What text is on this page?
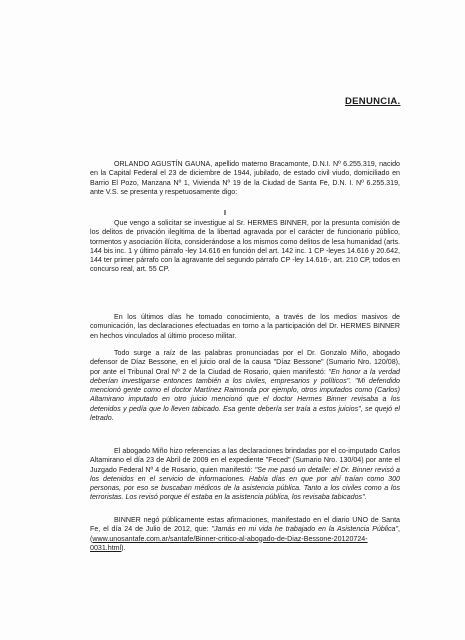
DENUNCIA.

ORLANDO AGUSTÍN GAUNA, apellido materno Bracamonte, D.N.I. Nº 6.255.319, nacido en la Capital Federal el 23 de diciembre de 1944, jubilado, de estado civil viudo, domiciliado en Barrio El Pozo, Manzana Nº 1, Vivienda Nº 19 de la Ciudad de Santa Fe, D.N. I. Nº 6.255.319, ante V.S. se presenta y respetuosamente digo:

I

Que vengo a solicitar se investigue al Sr. HERMES BINNER, por la presunta comisión de los delitos de privación ilegítima de la libertad agravada por el carácter de funcionario público, tormentos y asociación ilícita, considerándose a los mismos como delitos de lesa humanidad (arts. 144 bis inc. 1 y último párrafo -ley 14.616 en función del art. 142 inc. 1 CP -leyes 14.616 y 20.642, 144 ter primer párrafo con la agravante del segundo párrafo CP -ley 14.616-, art. 210 CP, todos en concurso real, art. 55 CP.

En los últimos días he tomado conocimiento, a través de los medios masivos de comunicación, las declaraciones efectuadas en torno a la participación del Dr. HERMES BINNER en hechos vinculados al último proceso militar.

Todo surge a raíz de las palabras pronunciadas por el Dr. Gonzalo Miño, abogado defensor de Díaz Bessone, en el juicio oral de la causa "Díaz Bessone" (Sumario Nro. 120/08), por ante el Tribunal Oral Nº 2 de la Ciudad de Rosario, quien manifestó: "En honor a la verdad deberían investigarse entonces también a los civiles, empresarios y políticos". "Mi defendido mencionó gente como el doctor Martínez Raimonda por ejemplo, otros imputados como (Carlos) Altamirano imputado en otro juicio mencionó que el doctor Hermes Binner revisaba a los detenidos y pedía que lo lleven tabicado. Esa gente debería ser traía a estos juicios", se quejó el letrado.

El abogado Miño hizo referencias a las declaraciones brindadas por el co-imputado Carlos Altamirano el día 23 de Abril de 2009 en el expediente "Feced" (Sumario Nro. 130/04) por ante el Juzgado Federal Nº 4 de Rosario, quien manifestó: "Se me pasó un detalle: el Dr. Binner revisó a los detenidos en el servicio de informaciones. Había días en que por ahí traían como 300 personas, por eso se buscaban médicos de la asistencia pública. Tanto a los civiles como a los terroristas. Los revisó porque él estaba en la asistencia pública, los revisaba tabicados".

BINNER negó públicamente estas afirmaciones, manifestado en el diario UNO de Santa Fe, el día 24 de Julio de 2012, que: "Jamás en mi vida he trabajado en la Asistencia Pública", (www.unosantafe.com.ar/santafe/Binner-critico-al-abogado-de-Diaz-Bessone-20120724-0031.html).
